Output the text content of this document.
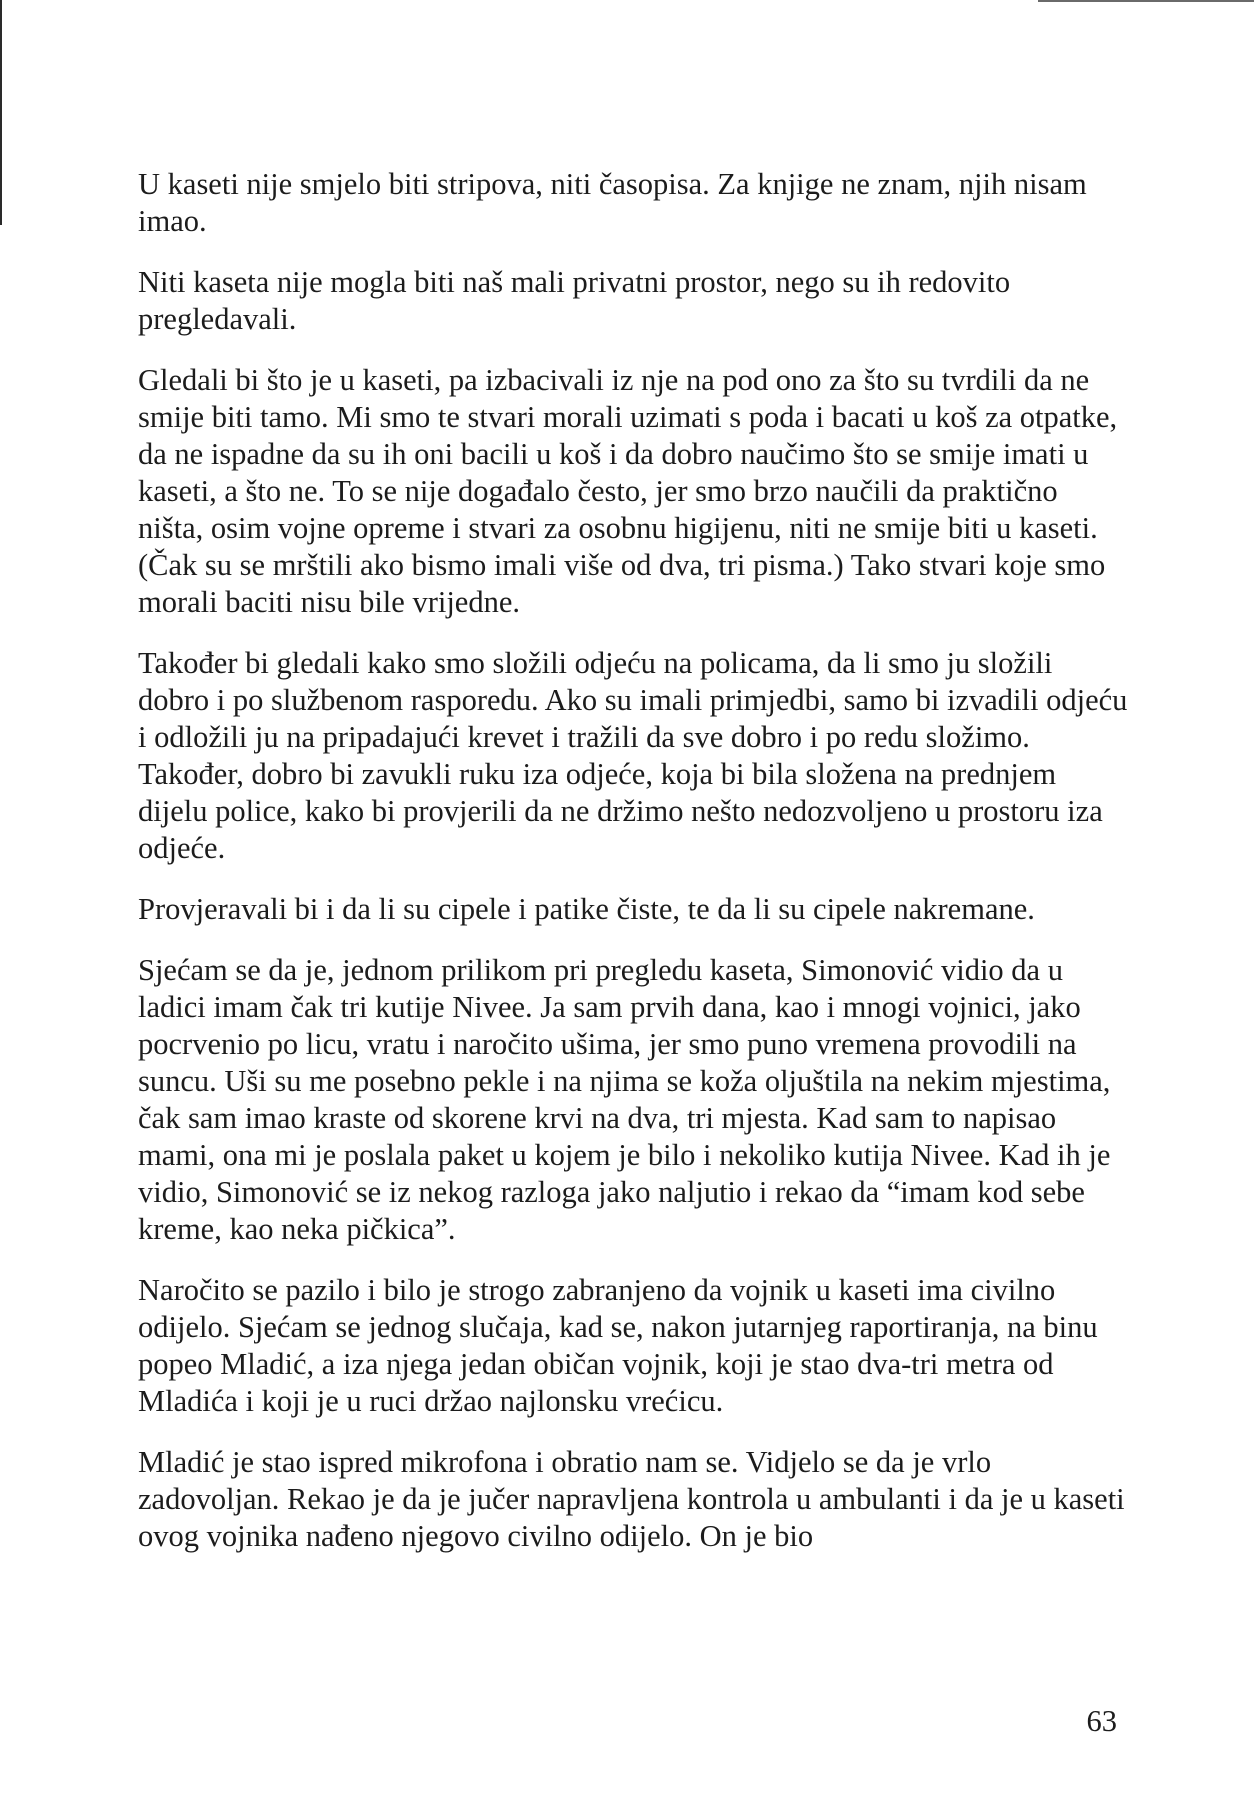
U kaseti nije smjelo biti stripova, niti časopisa. Za knjige ne znam, njih nisam imao.

Niti kaseta nije mogla biti naš mali privatni prostor, nego su ih redovito pregledavali.

Gledali bi što je u kaseti, pa izbacivali iz nje na pod ono za što su tvrdili da ne smije biti tamo. Mi smo te stvari morali uzimati s poda i bacati u koš za otpatke, da ne ispadne da su ih oni bacili u koš i da dobro naučimo što se smije imati u kaseti, a što ne. To se nije događalo često, jer smo brzo naučili da praktično ništa, osim vojne opreme i stvari za osobnu higijenu, niti ne smije biti u kaseti. (Čak su se mrštili ako bismo imali više od dva, tri pisma.) Tako stvari koje smo morali baciti nisu bile vrijedne.

Također bi gledali kako smo složili odjeću na policama, da li smo ju složili dobro i po službenom rasporedu. Ako su imali primjedbi, samo bi izvadili odjeću i odložili ju na pripadajući krevet i tražili da sve dobro i po redu složimo. Također, dobro bi zavukli ruku iza odjeće, koja bi bila složena na prednjem dijelu police, kako bi provjerili da ne držimo nešto nedozvoljeno u prostoru iza odjeće.

Provjeravali bi i da li su cipele i patike čiste, te da li su cipele nakremane.

Sjećam se da je, jednom prilikom pri pregledu kaseta, Simonović vidio da u ladici imam čak tri kutije Nivee. Ja sam prvih dana, kao i mnogi vojnici, jako pocrvenio po licu, vratu i naročito ušima, jer smo puno vremena provodili na suncu. Uši su me posebno pekle i na njima se koža oljuštila na nekim mjestima, čak sam imao kraste od skorene krvi na dva, tri mjesta. Kad sam to napisao mami, ona mi je poslala paket u kojem je bilo i nekoliko kutija Nivee. Kad ih je vidio, Simonović se iz nekog razloga jako naljutio i rekao da “imam kod sebe kreme, kao neka pičkica”.

Naročito se pazilo i bilo je strogo zabranjeno da vojnik u kaseti ima civilno odijelo. Sjećam se jednog slučaja, kad se, nakon jutarnjeg raportiranja, na binu popeo Mladić, a iza njega jedan običan vojnik, koji je stao dva-tri metra od Mladića i koji je u ruci držao najlonsku vrećicu.

Mladić je stao ispred mikrofona i obratio nam se. Vidjelo se da je vrlo zadovoljan. Rekao je da je jučer napravljena kontrola u ambulanti i da je u kaseti ovog vojnika nađeno njegovo civilno odijelo. On je bio

63
